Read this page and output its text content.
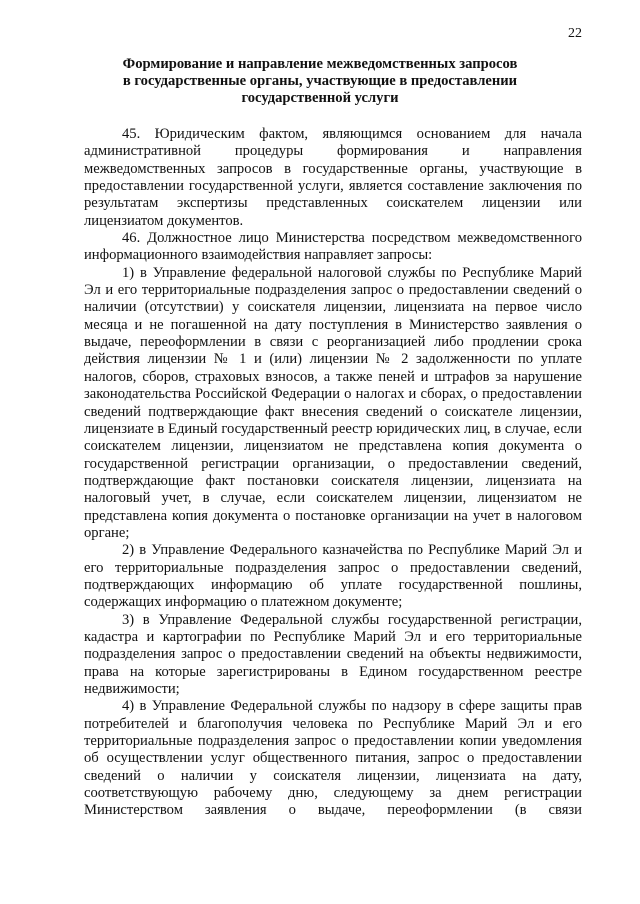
22
Формирование и направление межведомственных запросов
в государственные органы, участвующие в предоставлении
государственной услуги

45. Юридическим фактом, являющимся основанием для начала административной процедуры формирования и направления межведомственных запросов в государственные органы, участвующие в предоставлении государственной услуги, является составление заключения по результатам экспертизы представленных соискателем лицензии или лицензиатом документов.

46. Должностное лицо Министерства посредством межведомственного информационного взаимодействия направляет запросы:

1) в Управление федеральной налоговой службы по Республике Марий Эл и его территориальные подразделения запрос о предоставлении сведений о наличии (отсутствии) у соискателя лицензии, лицензиата на первое число месяца и не погашенной на дату поступления в Министерство заявления о выдаче, переоформлении в связи с реорганизацией либо продлении срока действия лицензии № 1 и (или) лицензии № 2 задолженности по уплате налогов, сборов, страховых взносов, а также пеней и штрафов за нарушение законодательства Российской Федерации о налогах и сборах, о предоставлении сведений подтверждающие факт внесения сведений о соискателе лицензии, лицензиате в Единый государственный реестр юридических лиц, в случае, если соискателем лицензии, лицензиатом не представлена копия документа о государственной регистрации организации, о предоставлении сведений, подтверждающие факт постановки соискателя лицензии, лицензиата на налоговый учет, в случае, если соискателем лицензии, лицензиатом не представлена копия документа о постановке организации на учет в налоговом органе;

2) в Управление Федерального казначейства по Республике Марий Эл и его территориальные подразделения запрос о предоставлении сведений, подтверждающих информацию об уплате государственной пошлины, содержащих информацию о платежном документе;

3) в Управление Федеральной службы государственной регистрации, кадастра и картографии по Республике Марий Эл и его территориальные подразделения запрос о предоставлении сведений на объекты недвижимости, права на которые зарегистрированы в Едином государственном реестре недвижимости;

4) в Управление Федеральной службы по надзору в сфере защиты прав потребителей и благополучия человека по Республике Марий Эл и его территориальные подразделения запрос о предоставлении копии уведомления об осуществлении услуг общественного питания, запрос о предоставлении сведений о наличии у соискателя лицензии, лицензиата на дату, соответствующую рабочему дню, следующему за днем регистрации Министерством заявления о выдаче, переоформлении (в связи
